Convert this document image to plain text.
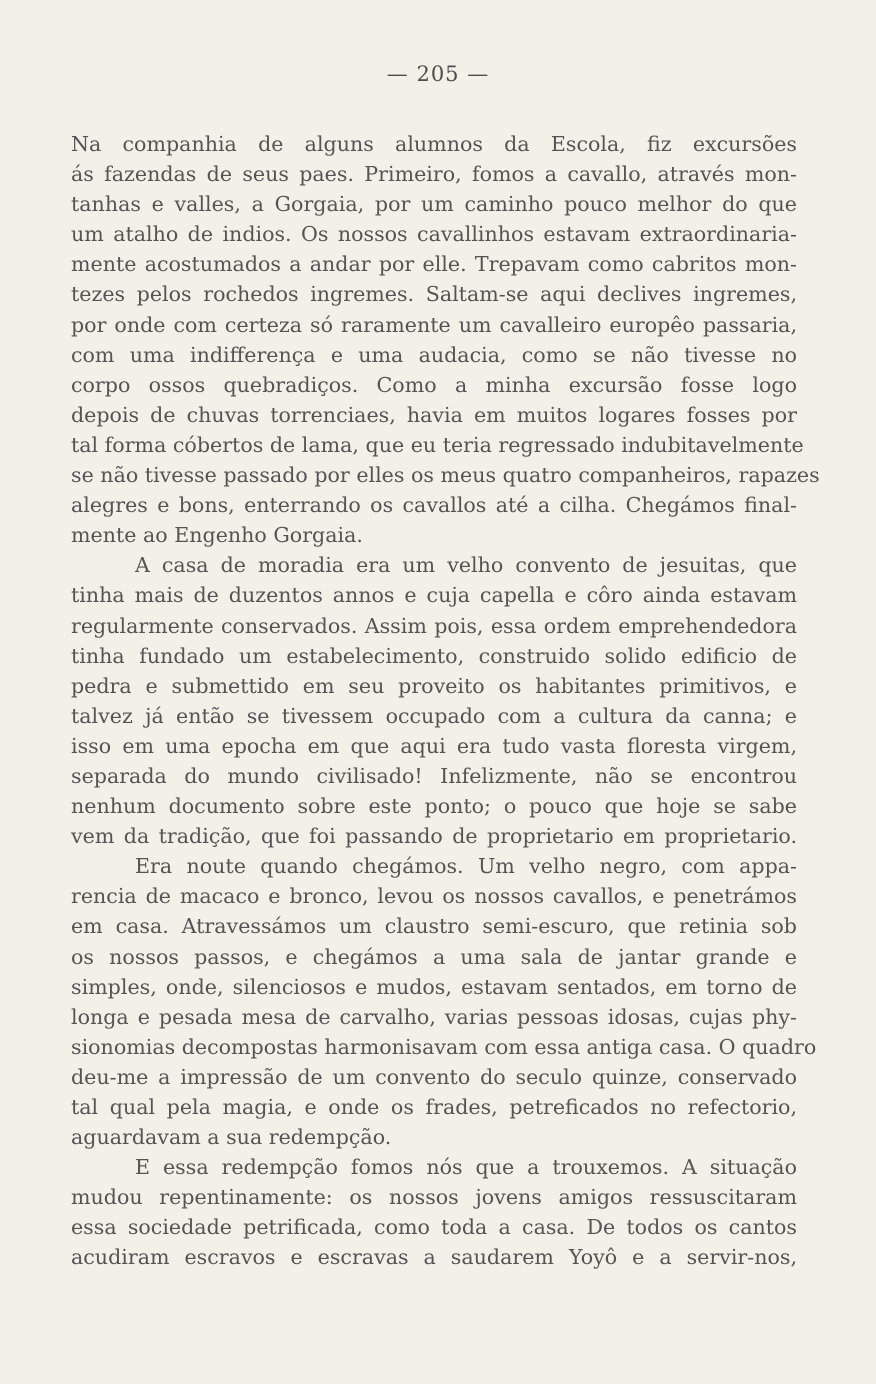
— 205 —
Na companhia de alguns alumnos da Escola, fiz excursões
ás fazendas de seus paes. Primeiro, fomos a cavallo, através mon-
tanhas e valles, a Gorgaia, por um caminho pouco melhor do que
um atalho de indios. Os nossos cavallinhos estavam extraordinaria-
mente acostumados a andar por elle. Trepavam como cabritos mon-
tezes pelos rochedos ingremes. Saltam-se aqui declives ingremes,
por onde com certeza só raramente um cavalleiro europêo passaria,
com uma indifferença e uma audacia, como se não tivesse no
corpo ossos quebradiços. Como a minha excursão fosse logo
depois de chuvas torrenciaes, havia em muitos logares fosses por
tal forma cóbertos de lama, que eu teria regressado indubitavelmente
se não tivesse passado por elles os meus quatro companheiros, rapazes
alegres e bons, enterrando os cavallos até a cilha. Chegámos final-
mente ao Engenho Gorgaia.
A casa de moradia era um velho convento de jesuitas, que
tinha mais de duzentos annos e cuja capella e côro ainda estavam
regularmente conservados. Assim pois, essa ordem emprehendedora
tinha fundado um estabelecimento, construido solido edificio de
pedra e submettido em seu proveito os habitantes primitivos, e
talvez já então se tivessem occupado com a cultura da canna; e
isso em uma epocha em que aqui era tudo vasta floresta virgem,
separada do mundo civilisado! Infelizmente, não se encontrou
nenhum documento sobre este ponto; o pouco que hoje se sabe
vem da tradição, que foi passando de proprietario em proprietario.
Era noute quando chegámos. Um velho negro, com appa-
rencia de macaco e bronco, levou os nossos cavallos, e penetrámos
em casa. Atravessámos um claustro semi-escuro, que retinia sob
os nossos passos, e chegámos a uma sala de jantar grande e
simples, onde, silenciosos e mudos, estavam sentados, em torno de
longa e pesada mesa de carvalho, varias pessoas idosas, cujas phy-
sionomias decompostas harmonisavam com essa antiga casa. O quadro
deu-me a impressão de um convento do seculo quinze, conservado
tal qual pela magia, e onde os frades, petreficados no refectorio,
aguardavam a sua redempção.
E essa redempção fomos nós que a trouxemos. A situação
mudou repentinamente: os nossos jovens amigos ressuscitaram
essa sociedade petrificada, como toda a casa. De todos os cantos
acudiram escravos e escravas a saudarem Yoyô e a servir-nos,
